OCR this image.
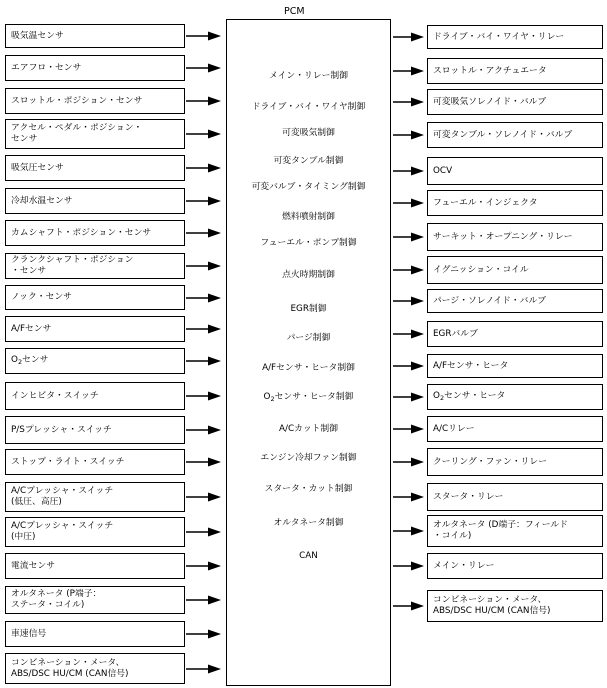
PCM
メイン・リレー制御
ドライブ・バイ・ワイヤ制御
可変吸気制御
可変タンブル制御
可変バルブ・タイミング制御
燃料噴射制御
フューエル・ポンプ制御
点火時期制御
EGR制御
パージ制御
A/Fセンサ・ヒータ制御
$O_2$センサ・ヒータ制御
A/Cカット制御
エンジン冷却ファン制御
スタータ・カット制御
オルタネータ制御
CAN
吸気温センサ
エアフロ・センサ
スロットル・ポジション・センサ
アクセル・ペダル・ポジション・
センサ
吸気圧センサ
冷却水温センサ
カムシャフト・ポジション・センサ
クランクシャフト・ポジション
・センサ
ノック・センサ
A/Fセンサ
$O_2$センサ
インヒビタ・スイッチ
P/Sプレッシャ・スイッチ
ストップ・ライト・スイッチ
A/Cプレッシャ・スイッチ
(低圧、高圧)
A/Cプレッシャ・スイッチ
(中圧)
電流センサ
オルタネータ (P端子：
ステータ・コイル)
車速信号
コンビネーション・メータ、
ABS/DSC HU/CM (CAN信号)
ドライブ・バイ・ワイヤ・リレー
スロットル・アクチュエータ
可変吸気ソレノイド・バルブ
可変タンブル・ソレノイド・バルブ
OCV
フューエル・インジェクタ
サーキット・オープニング・リレー
イグニッション・コイル
パージ・ソレノイド・バルブ
EGRバルブ
A/Fセンサ・ヒータ
$O_2$センサ・ヒータ
A/Cリレー
クーリング・ファン・リレー
スタータ・リレー
オルタネータ (D端子：フィールド
・コイル)
メイン・リレー
コンビネーション・メータ、
ABS/DSC HU/CM (CAN信号)
